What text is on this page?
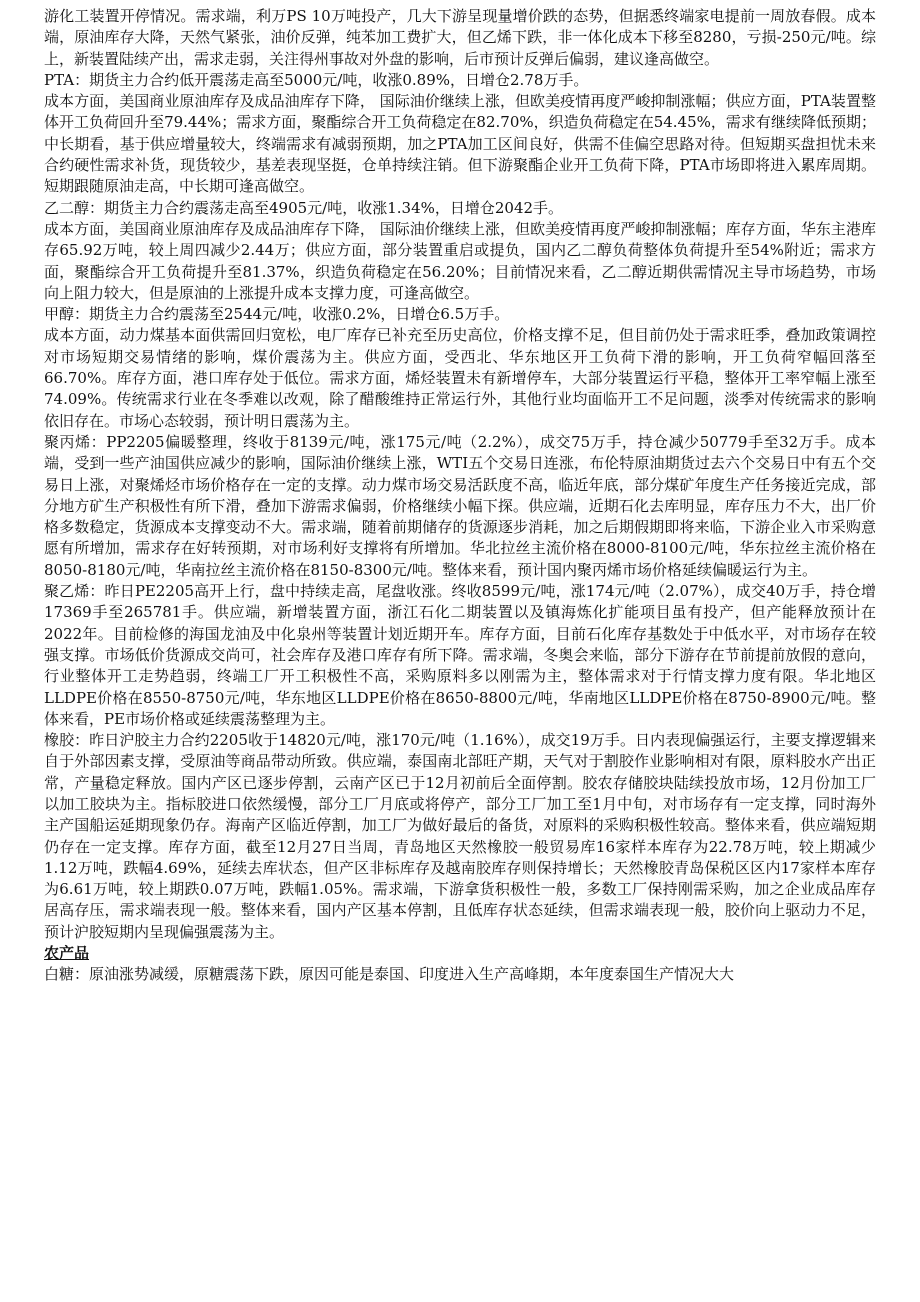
游化工装置开停情况。需求端，利万PS 10万吨投产，几大下游呈现量增价跌的态势，但据悉终端家电提前一周放春假。成本端，原油库存大降，天然气紧张，油价反弹，纯苯加工费扩大，但乙烯下跌，非一体化成本下移至8280，亏损-250元/吨。综上，新装置陆续产出，需求走弱，关注得州事故对外盘的影响，后市预计反弹后偏弱，建议逢高做空。

PTA：期货主力合约低开震荡走高至5000元/吨，收涨0.89%，日增仓2.78万手。

成本方面，美国商业原油库存及成品油库存下降， 国际油价继续上涨，但欧美疫情再度严峻抑制涨幅；供应方面，PTA装置整体开工负荷回升至79.44%；需求方面，聚酯综合开工负荷稳定在82.70%，织造负荷稳定在54.45%，需求有继续降低预期；中长期看，基于供应增量较大，终端需求有减弱预期，加之PTA加工区间良好，供需不佳偏空思路对待。但短期买盘担忧未来合约硬性需求补货，现货较少，基差表现坚挺，仓单持续注销。但下游聚酯企业开工负荷下降，PTA市场即将进入累库周期。短期跟随原油走高，中长期可逢高做空。

乙二醇：期货主力合约震荡走高至4905元/吨，收涨1.34%，日增仓2042手。

成本方面，美国商业原油库存及成品油库存下降， 国际油价继续上涨，但欧美疫情再度严峻抑制涨幅；库存方面，华东主港库存65.92万吨，较上周四减少2.44万；供应方面，部分装置重启或提负，国内乙二醇负荷整体负荷提升至54%附近；需求方面，聚酯综合开工负荷提升至81.37%，织造负荷稳定在56.20%；目前情况来看，乙二醇近期供需情况主导市场趋势，市场向上阻力较大，但是原油的上涨提升成本支撑力度，可逢高做空。

甲醇：期货主力合约震荡至2544元/吨，收涨0.2%，日增仓6.5万手。

成本方面，动力煤基本面供需回归宽松，电厂库存已补充至历史高位，价格支撑不足，但目前仍处于需求旺季，叠加政策调控对市场短期交易情绪的影响，煤价震荡为主。供应方面，受西北、华东地区开工负荷下滑的影响，开工负荷窄幅回落至66.70%。库存方面，港口库存处于低位。需求方面，烯烃装置未有新增停车，大部分装置运行平稳，整体开工率窄幅上涨至74.09%。传统需求行业在冬季难以改观，除了醋酸维持正常运行外，其他行业均面临开工不足问题，淡季对传统需求的影响依旧存在。市场心态较弱，预计明日震荡为主。

聚丙烯：PP2205偏暖整理，终收于8139元/吨，涨175元/吨（2.2%），成交75万手，持仓减少50779手至32万手。成本端，受到一些产油国供应减少的影响，国际油价继续上涨，WTI五个交易日连涨，布伦特原油期货过去六个交易日中有五个交易日上涨，对聚烯烃市场价格存在一定的支撑。动力煤市场交易活跃度不高，临近年底，部分煤矿年度生产任务接近完成，部分地方矿生产积极性有所下滑，叠加下游需求偏弱，价格继续小幅下探。供应端，近期石化去库明显，库存压力不大，出厂价格多数稳定，货源成本支撑变动不大。需求端，随着前期储存的货源逐步消耗，加之后期假期即将来临，下游企业入市采购意愿有所增加，需求存在好转预期，对市场利好支撑将有所增加。华北拉丝主流价格在8000-8100元/吨，华东拉丝主流价格在8050-8180元/吨，华南拉丝主流价格在8150-8300元/吨。整体来看，预计国内聚丙烯市场价格延续偏暖运行为主。

聚乙烯：昨日PE2205高开上行，盘中持续走高，尾盘收涨。终收8599元/吨，涨174元/吨（2.07%），成交40万手，持仓增17369手至265781手。供应端，新增装置方面，浙江石化二期装置以及镇海炼化扩能项目虽有投产，但产能释放预计在2022年。目前检修的海国龙油及中化泉州等装置计划近期开车。库存方面，目前石化库存基数处于中低水平，对市场存在较强支撑。市场低价货源成交尚可，社会库存及港口库存有所下降。需求端，冬奥会来临，部分下游存在节前提前放假的意向，行业整体开工走势趋弱，终端工厂开工积极性不高，采购原料多以刚需为主，整体需求对于行情支撑力度有限。华北地区LLDPE价格在8550-8750元/吨，华东地区LLDPE价格在8650-8800元/吨，华南地区LLDPE价格在8750-8900元/吨。整体来看，PE市场价格或延续震荡整理为主。

橡胶：昨日沪胶主力合约2205收于14820元/吨，涨170元/吨（1.16%），成交19万手。日内表现偏强运行，主要支撑逻辑来自于外部因素支撑，受原油等商品带动所致。供应端，泰国南北部旺产期，天气对于割胶作业影响相对有限，原料胶水产出正常，产量稳定释放。国内产区已逐步停割，云南产区已于12月初前后全面停割。胶农存储胶块陆续投放市场，12月份加工厂以加工胶块为主。指标胶进口依然缓慢，部分工厂月底或将停产，部分工厂加工至1月中旬，对市场存有一定支撑，同时海外主产国船运延期现象仍存。海南产区临近停割，加工厂为做好最后的备货，对原料的采购积极性较高。整体来看，供应端短期仍存在一定支撑。库存方面，截至12月27日当周，青岛地区天然橡胶一般贸易库16家样本库存为22.78万吨，较上期减少1.12万吨，跌幅4.69%，延续去库状态，但产区非标库存及越南胶库存则保持增长；天然橡胶青岛保税区区内17家样本库存为6.61万吨，较上期跌0.07万吨，跌幅1.05%。需求端，下游拿货积极性一般，多数工厂保持刚需采购，加之企业成品库存居高存压，需求端表现一般。整体来看，国内产区基本停割，且低库存状态延续，但需求端表现一般，胶价向上驱动力不足，预计沪胶短期内呈现偏强震荡为主。

农产品

白糖：原油涨势减缓，原糖震荡下跌，原因可能是泰国、印度进入生产高峰期，本年度泰国生产情况大大
